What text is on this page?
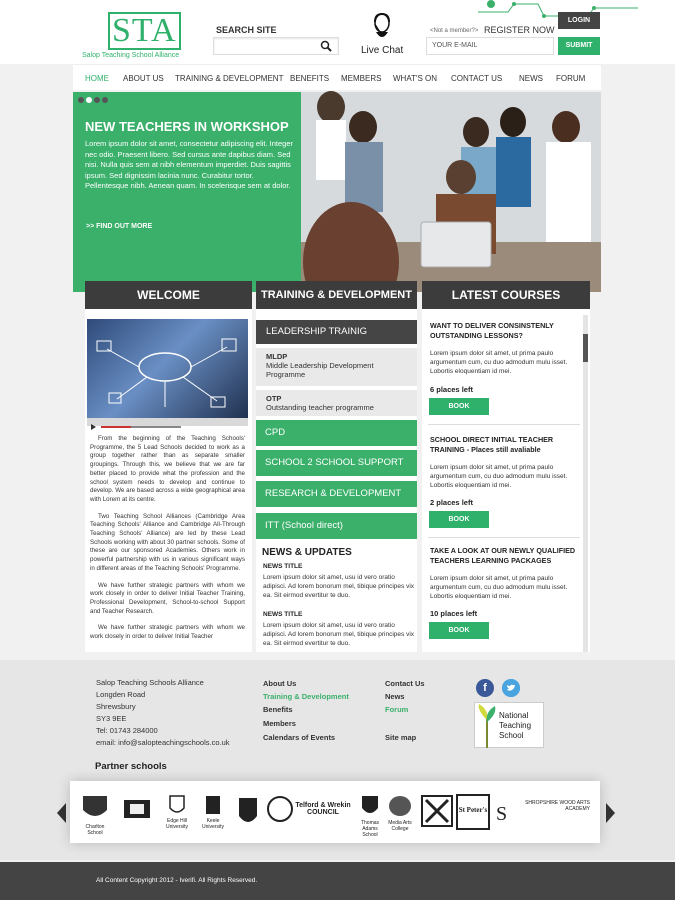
STA
Salop Teaching School Alliance
SEARCH SITE
Live Chat
<Not a member?> REGISTER NOW
LOGIN
YOUR E-MAIL	SUBMIT
HOME ABOUT US TRAINING & DEVELOPMENT BENEFITS MEMBERS WHAT'S ON CONTACT US NEWS FORUM
NEW TEACHERS IN WORKSHOP
Lorem ipsum dolor sit amet, consectetur adipiscing elit. Integer nec odio. Praesent libero. Sed cursus ante dapibus diam. Sed nisi. Nulla quis sem at nibh elementum imperdiet. Duis sagittis ipsum. Sed dignissim lacinia nunc. Curabitur tortor. Pellentesque nibh. Aenean quam. In scelerisque sem at dolor.
>> FIND OUT MORE
WELCOME	TRAINING & DEVELOPMENT	LATEST COURSES

From the beginning of the Teaching Schools' Programme, the 5 Lead Schools decided to work as a group together rather than as separate smaller groupings. Through this, we believe that we are far better placed to provide what the profession and the school system needs to develop and continue to develop. We are based across a wide geographical area with Lorem at its centre.

Two Teaching School Alliances (Cambridge Area Teaching Schools' Alliance and Cambridge All-Through Teaching Schools' Alliance) are led by these Lead Schools working with about 30 partner schools. Some of these are our sponsored Academies. Others work in powerful partnership with us in various significant ways in different areas of the Teaching Schools' Programme.

We have further strategic partners with whom we work closely in order to deliver Initial Teacher Training, Professional Development, School-to-school Support and Teacher Research.

We have further strategic partners with whom we work closely in order to deliver Initial Teacher

LEADERSHIP TRAINIG
MLDP
Middle Leadership Development Programme
OTP
Outstanding teacher programme
CPD
SCHOOL 2 SCHOOL SUPPORT
RESEARCH & DEVELOPMENT
ITT (School direct)
NEWS & UPDATES
NEWS TITLE
Lorem ipsum dolor sit amet, usu id vero oratio adipisci. Ad lorem bonorum mel, tibique principes vix ea. Sit eirmod evertitur te duo.
NEWS TITLE
Lorem ipsum dolor sit amet, usu id vero oratio adipisci. Ad lorem bonorum mel, tibique principes vix ea. Sit eirmod evertitur te duo.
WANT TO DELIVER CONSINSTENLY OUTSTANDING LESSONS?
Lorem ipsum dolor sit amet, ut prima paulo argumentum cum, cu duo admodum mulu isset. Lobortis eloquentiam id mei.
6 places left
BOOK
SCHOOL DIRECT INITIAL TEACHER TRAINING - Places still avaliable
Lorem ipsum dolor sit amet, ut prima paulo argumentum cum, cu duo admodum mulu isset. Lobortis eloquentiam id mei.
2 places left
BOOK
TAKE A LOOK AT OUR NEWLY QUALIFIED TEACHERS LEARNING PACKAGES
Lorem ipsum dolor sit amet, ut prima paulo argumentum cum, cu duo admodum mulu isset. Lobortis eloquentiam id mei.
10 places left
BOOK
Salop Teaching Schools Alliance
Longden Road
Shrewsbury
SY3 9EE
Tel: 01743 284000
email: info@salopteachingschools.co.uk
About Us
Training & Development
Benefits
Members
Calendars of Events
Contact Us
News
Forum
Site map
f
National Teaching School
Partner schools
Charlton School
Edge Hill University
Keele University
Telford & Wrekin COUNCIL
Thomas Adams School
Media Arts College
St Peter's S	SHROPSHIRE WOOD ARTS ACADEMY
All Content Copyright 2012 - Iverifi. All Rights Reserved.
